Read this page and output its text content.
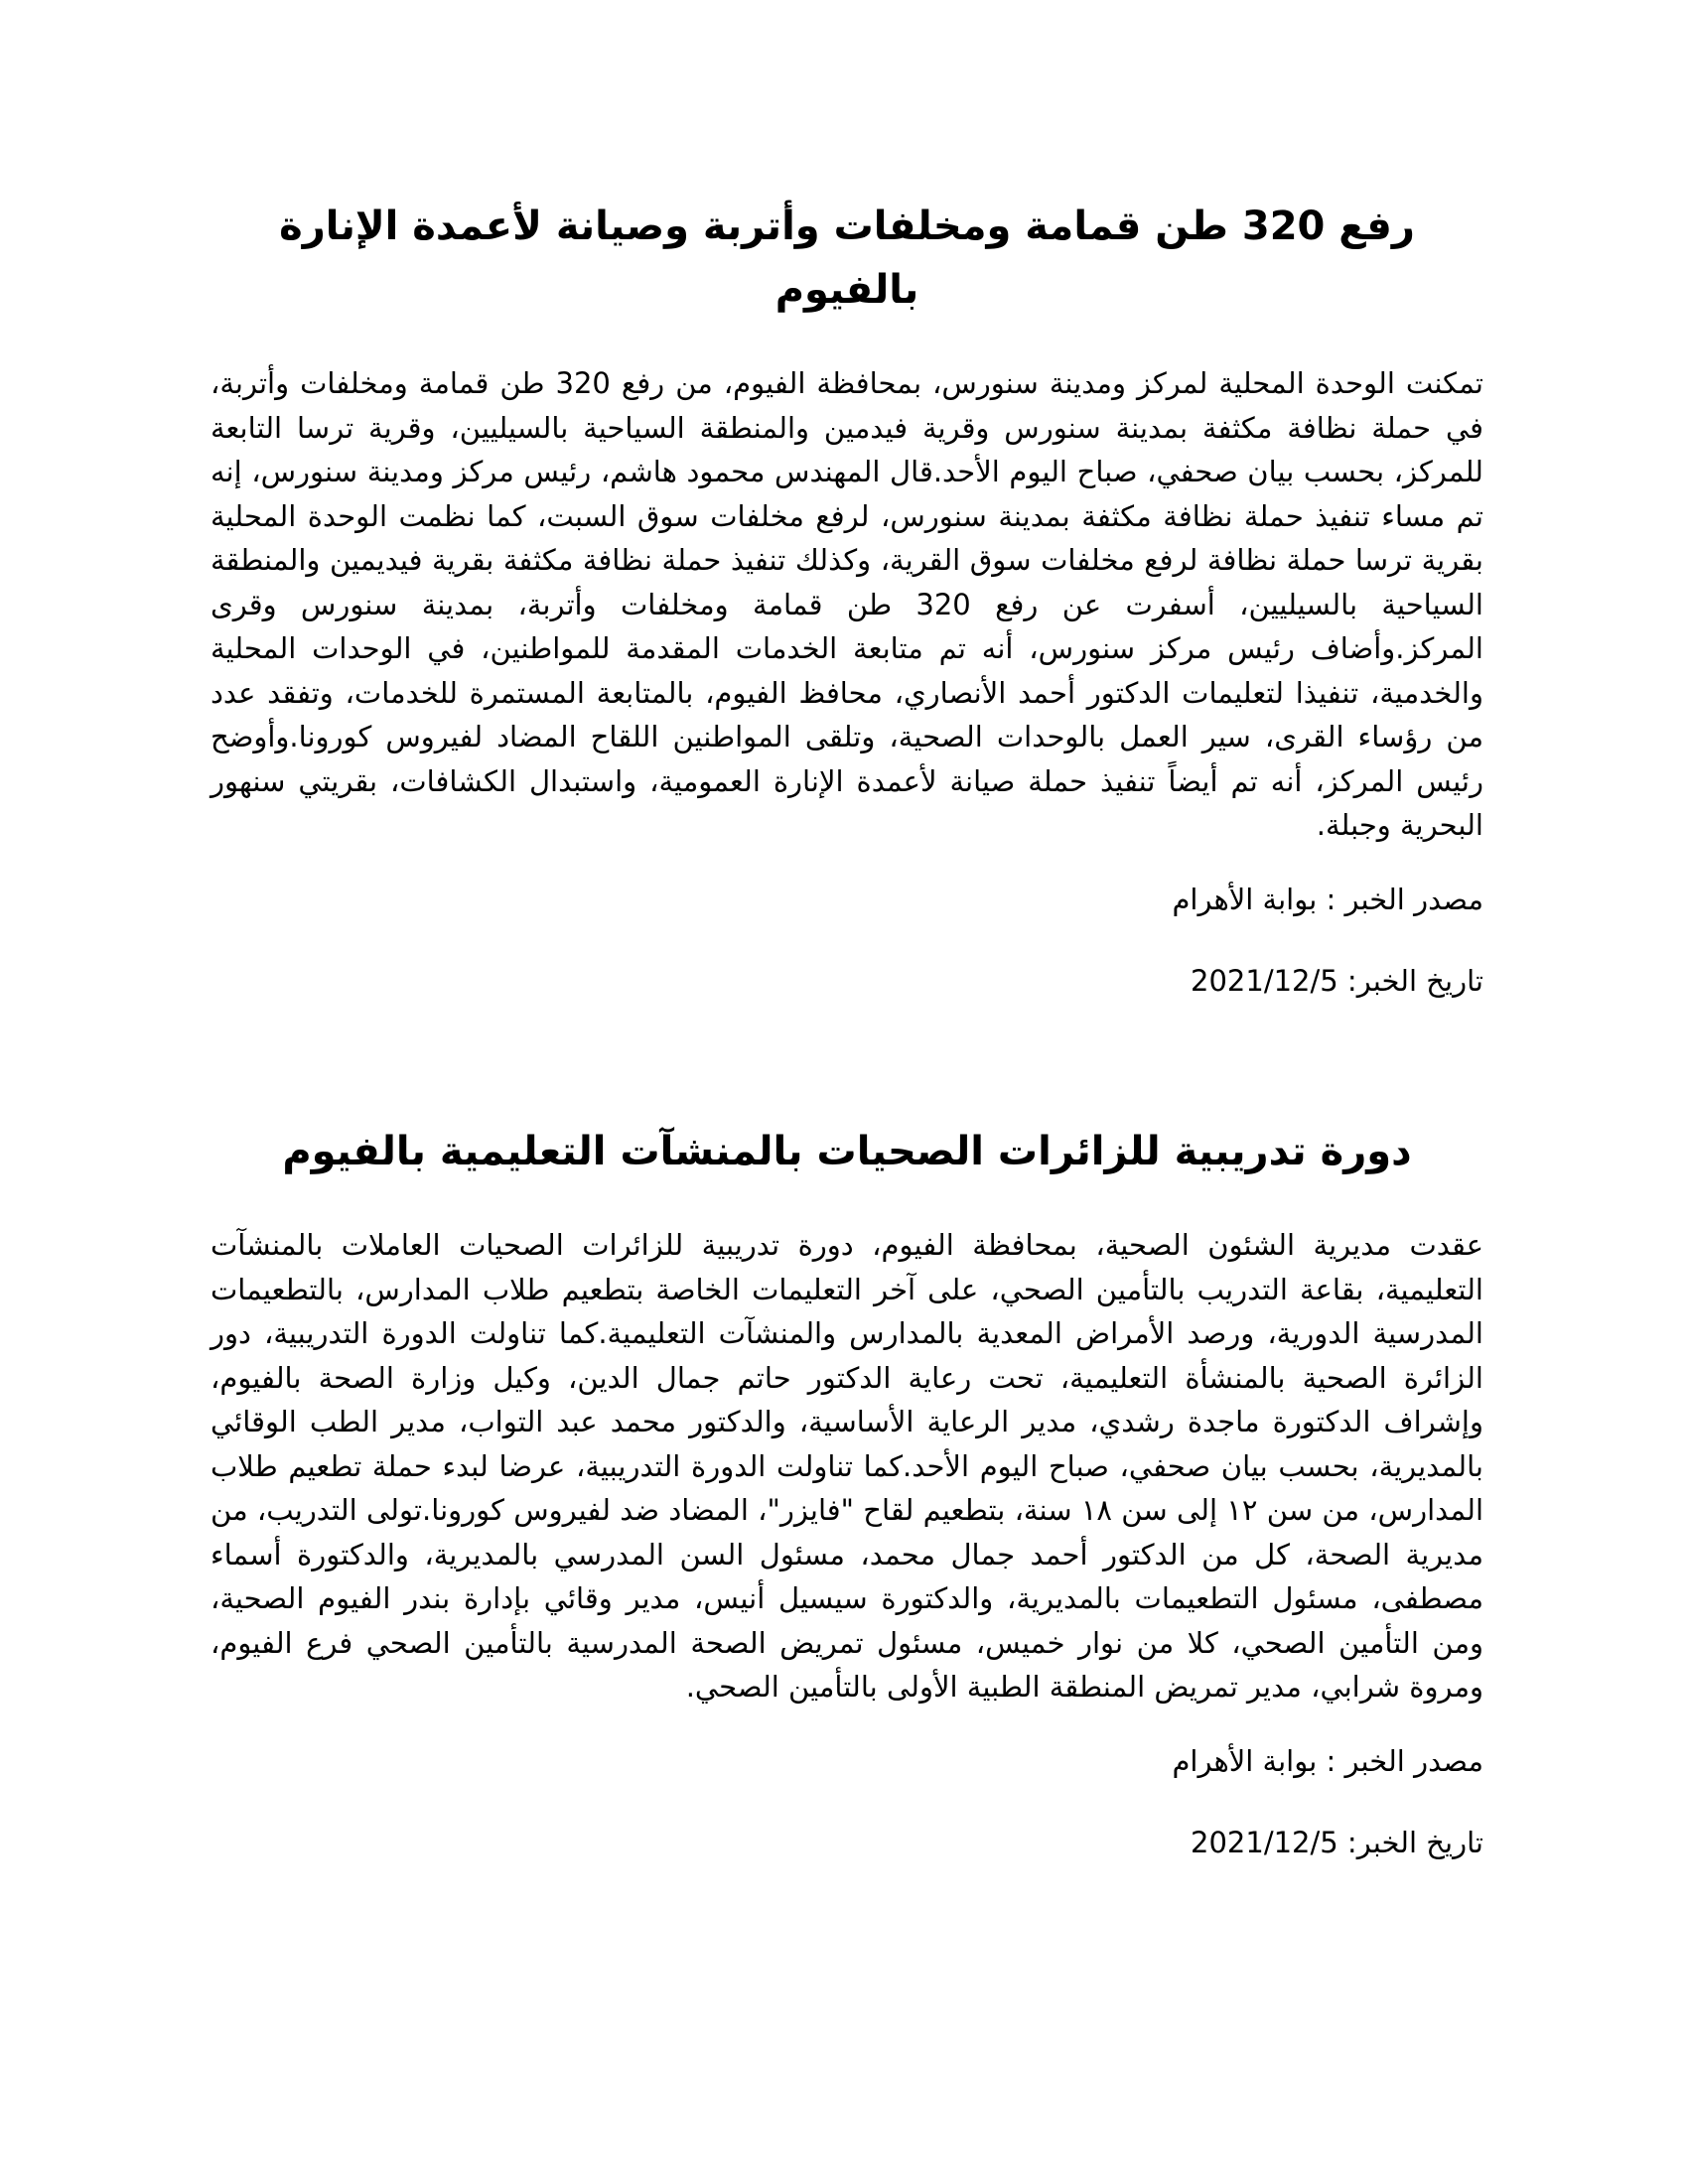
رفع 320 طن قمامة ومخلفات وأتربة وصيانة لأعمدة الإنارة بالفيوم

تمكنت الوحدة المحلية لمركز ومدينة سنورس، بمحافظة الفيوم، من رفع 320 طن قمامة ومخلفات وأتربة، في حملة نظافة مكثفة بمدينة سنورس وقرية فيدمين والمنطقة السياحية بالسيليين، وقرية ترسا التابعة للمركز، بحسب بيان صحفي، صباح اليوم الأحد.قال المهندس محمود هاشم، رئيس مركز ومدينة سنورس، إنه تم مساء تنفيذ حملة نظافة مكثفة بمدينة سنورس، لرفع مخلفات سوق السبت، كما نظمت الوحدة المحلية بقرية ترسا حملة نظافة لرفع مخلفات سوق القرية، وكذلك تنفيذ حملة نظافة مكثفة بقرية فيديمين والمنطقة السياحية بالسيليين، أسفرت عن رفع 320 طن قمامة ومخلفات وأتربة، بمدينة سنورس وقرى المركز.وأضاف رئيس مركز سنورس، أنه تم متابعة الخدمات المقدمة للمواطنين، في الوحدات المحلية والخدمية، تنفيذا لتعليمات الدكتور أحمد الأنصاري، محافظ الفيوم، بالمتابعة المستمرة للخدمات، وتفقد عدد من رؤساء القرى، سير العمل بالوحدات الصحية، وتلقى المواطنين اللقاح المضاد لفيروس كورونا.وأوضح رئيس المركز، أنه تم أيضاً تنفيذ حملة صيانة لأعمدة الإنارة العمومية، واستبدال الكشافات، بقريتي سنهور البحرية وجبلة.

مصدر الخبر : بوابة الأهرام

تاريخ الخبر: 2021/12/5

دورة تدريبية للزائرات الصحيات بالمنشآت التعليمية بالفيوم

عقدت مديرية الشئون الصحية، بمحافظة الفيوم، دورة تدريبية للزائرات الصحيات العاملات بالمنشآت التعليمية، بقاعة التدريب بالتأمين الصحي، على آخر التعليمات الخاصة بتطعيم طلاب المدارس، بالتطعيمات المدرسية الدورية، ورصد الأمراض المعدية بالمدارس والمنشآت التعليمية.كما تناولت الدورة التدريبية، دور الزائرة الصحية بالمنشأة التعليمية، تحت رعاية الدكتور حاتم جمال الدين، وكيل وزارة الصحة بالفيوم، وإشراف الدكتورة ماجدة رشدي، مدير الرعاية الأساسية، والدكتور محمد عبد التواب، مدير الطب الوقائي بالمديرية، بحسب بيان صحفي، صباح اليوم الأحد.كما تناولت الدورة التدريبية، عرضا لبدء حملة تطعيم طلاب المدارس، من سن ١٢ إلى سن ١٨ سنة، بتطعيم لقاح "فايزر"، المضاد ضد لفيروس كورونا.تولى التدريب، من مديرية الصحة، كل من الدكتور أحمد جمال محمد، مسئول السن المدرسي بالمديرية، والدكتورة أسماء مصطفى، مسئول التطعيمات بالمديرية، والدكتورة سيسيل أنيس، مدير وقائي بإدارة بندر الفيوم الصحية، ومن التأمين الصحي، كلا من نوار خميس، مسئول تمريض الصحة المدرسية بالتأمين الصحي فرع الفيوم، ومروة شرابي، مدير تمريض المنطقة الطبية الأولى بالتأمين الصحي.

مصدر الخبر : بوابة الأهرام

تاريخ الخبر: 2021/12/5
